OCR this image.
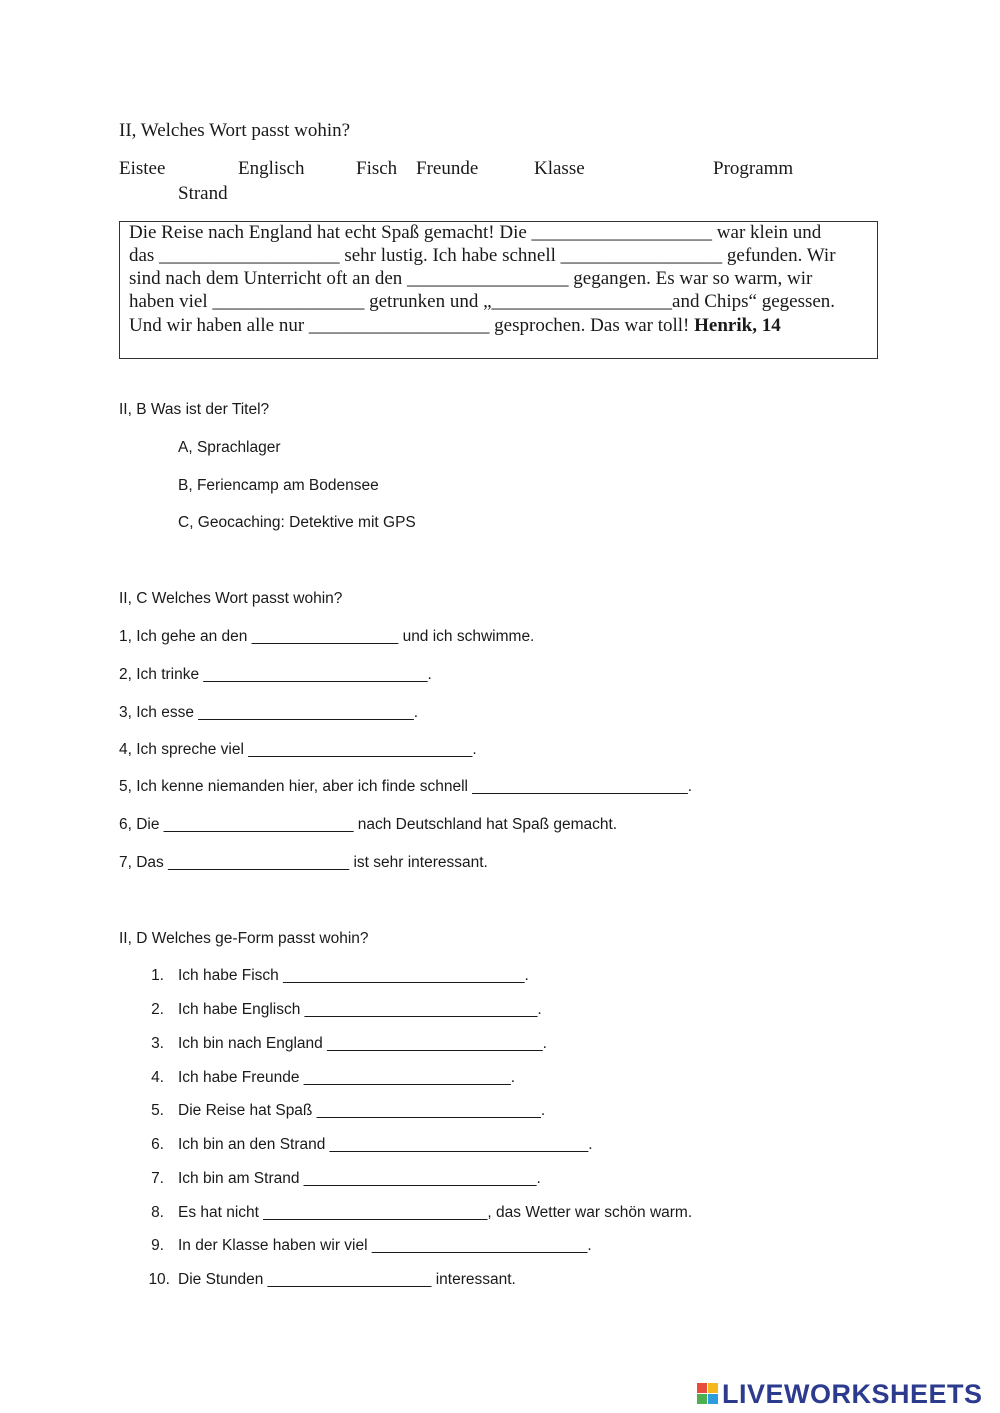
II, Welches Wort passt wohin?
Eistee	Englisch	Fisch Freunde	Klasse	Programm
Strand
Die Reise nach England hat echt Spaß gemacht! Die ___________________ war klein und
das ___________________ sehr lustig. Ich habe schnell _________________ gefunden. Wir
sind nach dem Unterricht oft an den _________________ gegangen. Es war so warm, wir
haben viel ________________ getrunken und „___________________and Chips“ gegessen.
Und wir haben alle nur ___________________ gesprochen. Das war toll! Henrik, 14
II, B Was ist der Titel?
A, Sprachlager
B, Feriencamp am Bodensee
C, Geocaching: Detektive mit GPS
II, C Welches Wort passt wohin?
1, Ich gehe an den _________________ und ich schwimme.
2, Ich trinke __________________________.
3, Ich esse _________________________.
4, Ich spreche viel __________________________.
5, Ich kenne niemanden hier, aber ich finde schnell _________________________.
6, Die ______________________ nach Deutschland hat Spaß gemacht.
7, Das _____________________ ist sehr interessant.
II, D Welches ge-Form passt wohin?
1. Ich habe Fisch ____________________________.
2. Ich habe Englisch ___________________________.
3. Ich bin nach England _________________________.
4. Ich habe Freunde ________________________.
5. Die Reise hat Spaß __________________________.
6. Ich bin an den Strand ______________________________.
7. Ich bin am Strand ___________________________.
8. Es hat nicht __________________________, das Wetter war schön warm.
9. In der Klasse haben wir viel _________________________.
10. Die Stunden ___________________ interessant.
LIVEWORKSHEETS
